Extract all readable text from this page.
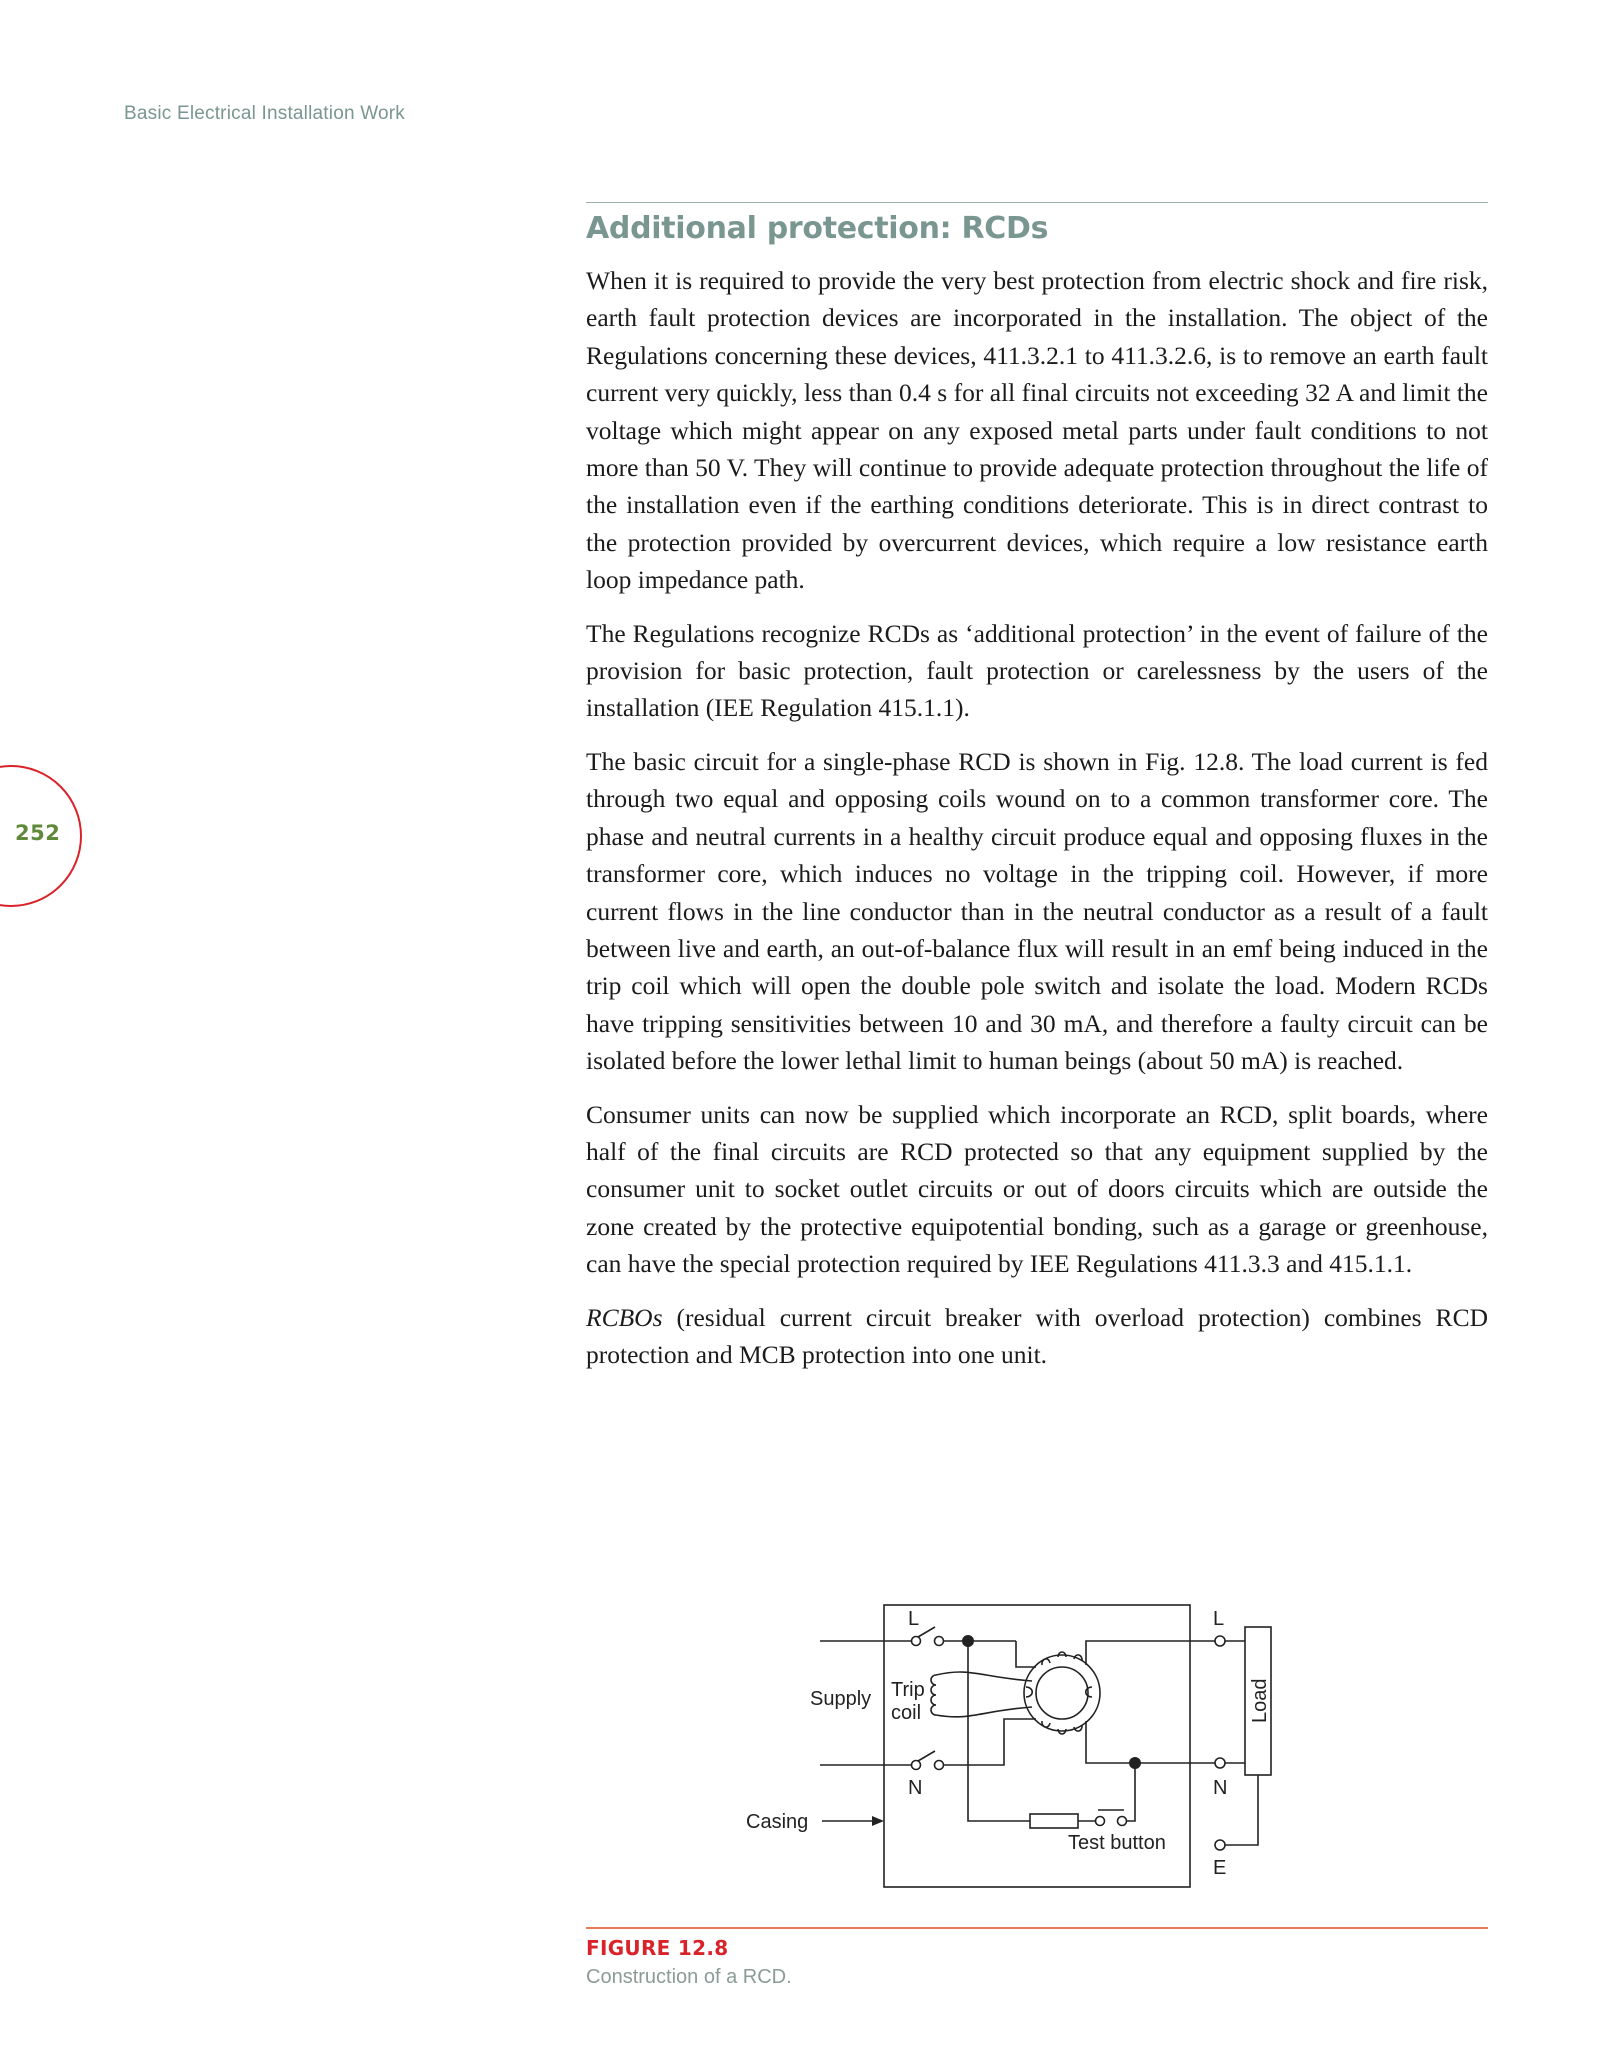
Basic Electrical Installation Work
252
Additional protection: RCDs

When it is required to provide the very best protection from electric shock and fire risk, earth fault protection devices are incorporated in the installation. The object of the Regulations concerning these devices, 411.3.2.1 to 411.3.2.6, is to remove an earth fault current very quickly, less than 0.4 s for all final circuits not exceeding 32 A and limit the voltage which might appear on any exposed metal parts under fault conditions to not more than 50 V. They will continue to provide adequate protection throughout the life of the installation even if the earthing conditions deteriorate. This is in direct contrast to the protection provided by overcurrent devices, which require a low resistance earth loop impedance path.

The Regulations recognize RCDs as ‘additional protection’ in the event of failure of the provision for basic protection, fault protection or carelessness by the users of the installation (IEE Regulation 415.1.1).

The basic circuit for a single-phase RCD is shown in Fig. 12.8. The load current is fed through two equal and opposing coils wound on to a common transformer core. The phase and neutral currents in a healthy circuit produce equal and opposing fluxes in the transformer core, which induces no voltage in the tripping coil. However, if more current flows in the line conductor than in the neutral conductor as a result of a fault between live and earth, an out-of-balance flux will result in an emf being induced in the trip coil which will open the double pole switch and isolate the load. Modern RCDs have tripping sensitivities between 10 and 30 mA, and therefore a faulty circuit can be isolated before the lower lethal limit to human beings (about 50 mA) is reached.

Consumer units can now be supplied which incorporate an RCD, split boards, where half of the final circuits are RCD protected so that any equipment supplied by the consumer unit to socket outlet circuits or out of doors circuits which are outside the zone created by the protective equipotential bonding, such as a garage or greenhouse, can have the special protection required by IEE Regulations 411.3.3 and 415.1.1.

RCBOs (residual current circuit breaker with overload protection) combines RCD protection and MCB protection into one unit.

L	L
N	N
Supply Trip
coil	Load
Casing
Test button
E
FIGURE 12.8
Construction of a RCD.
